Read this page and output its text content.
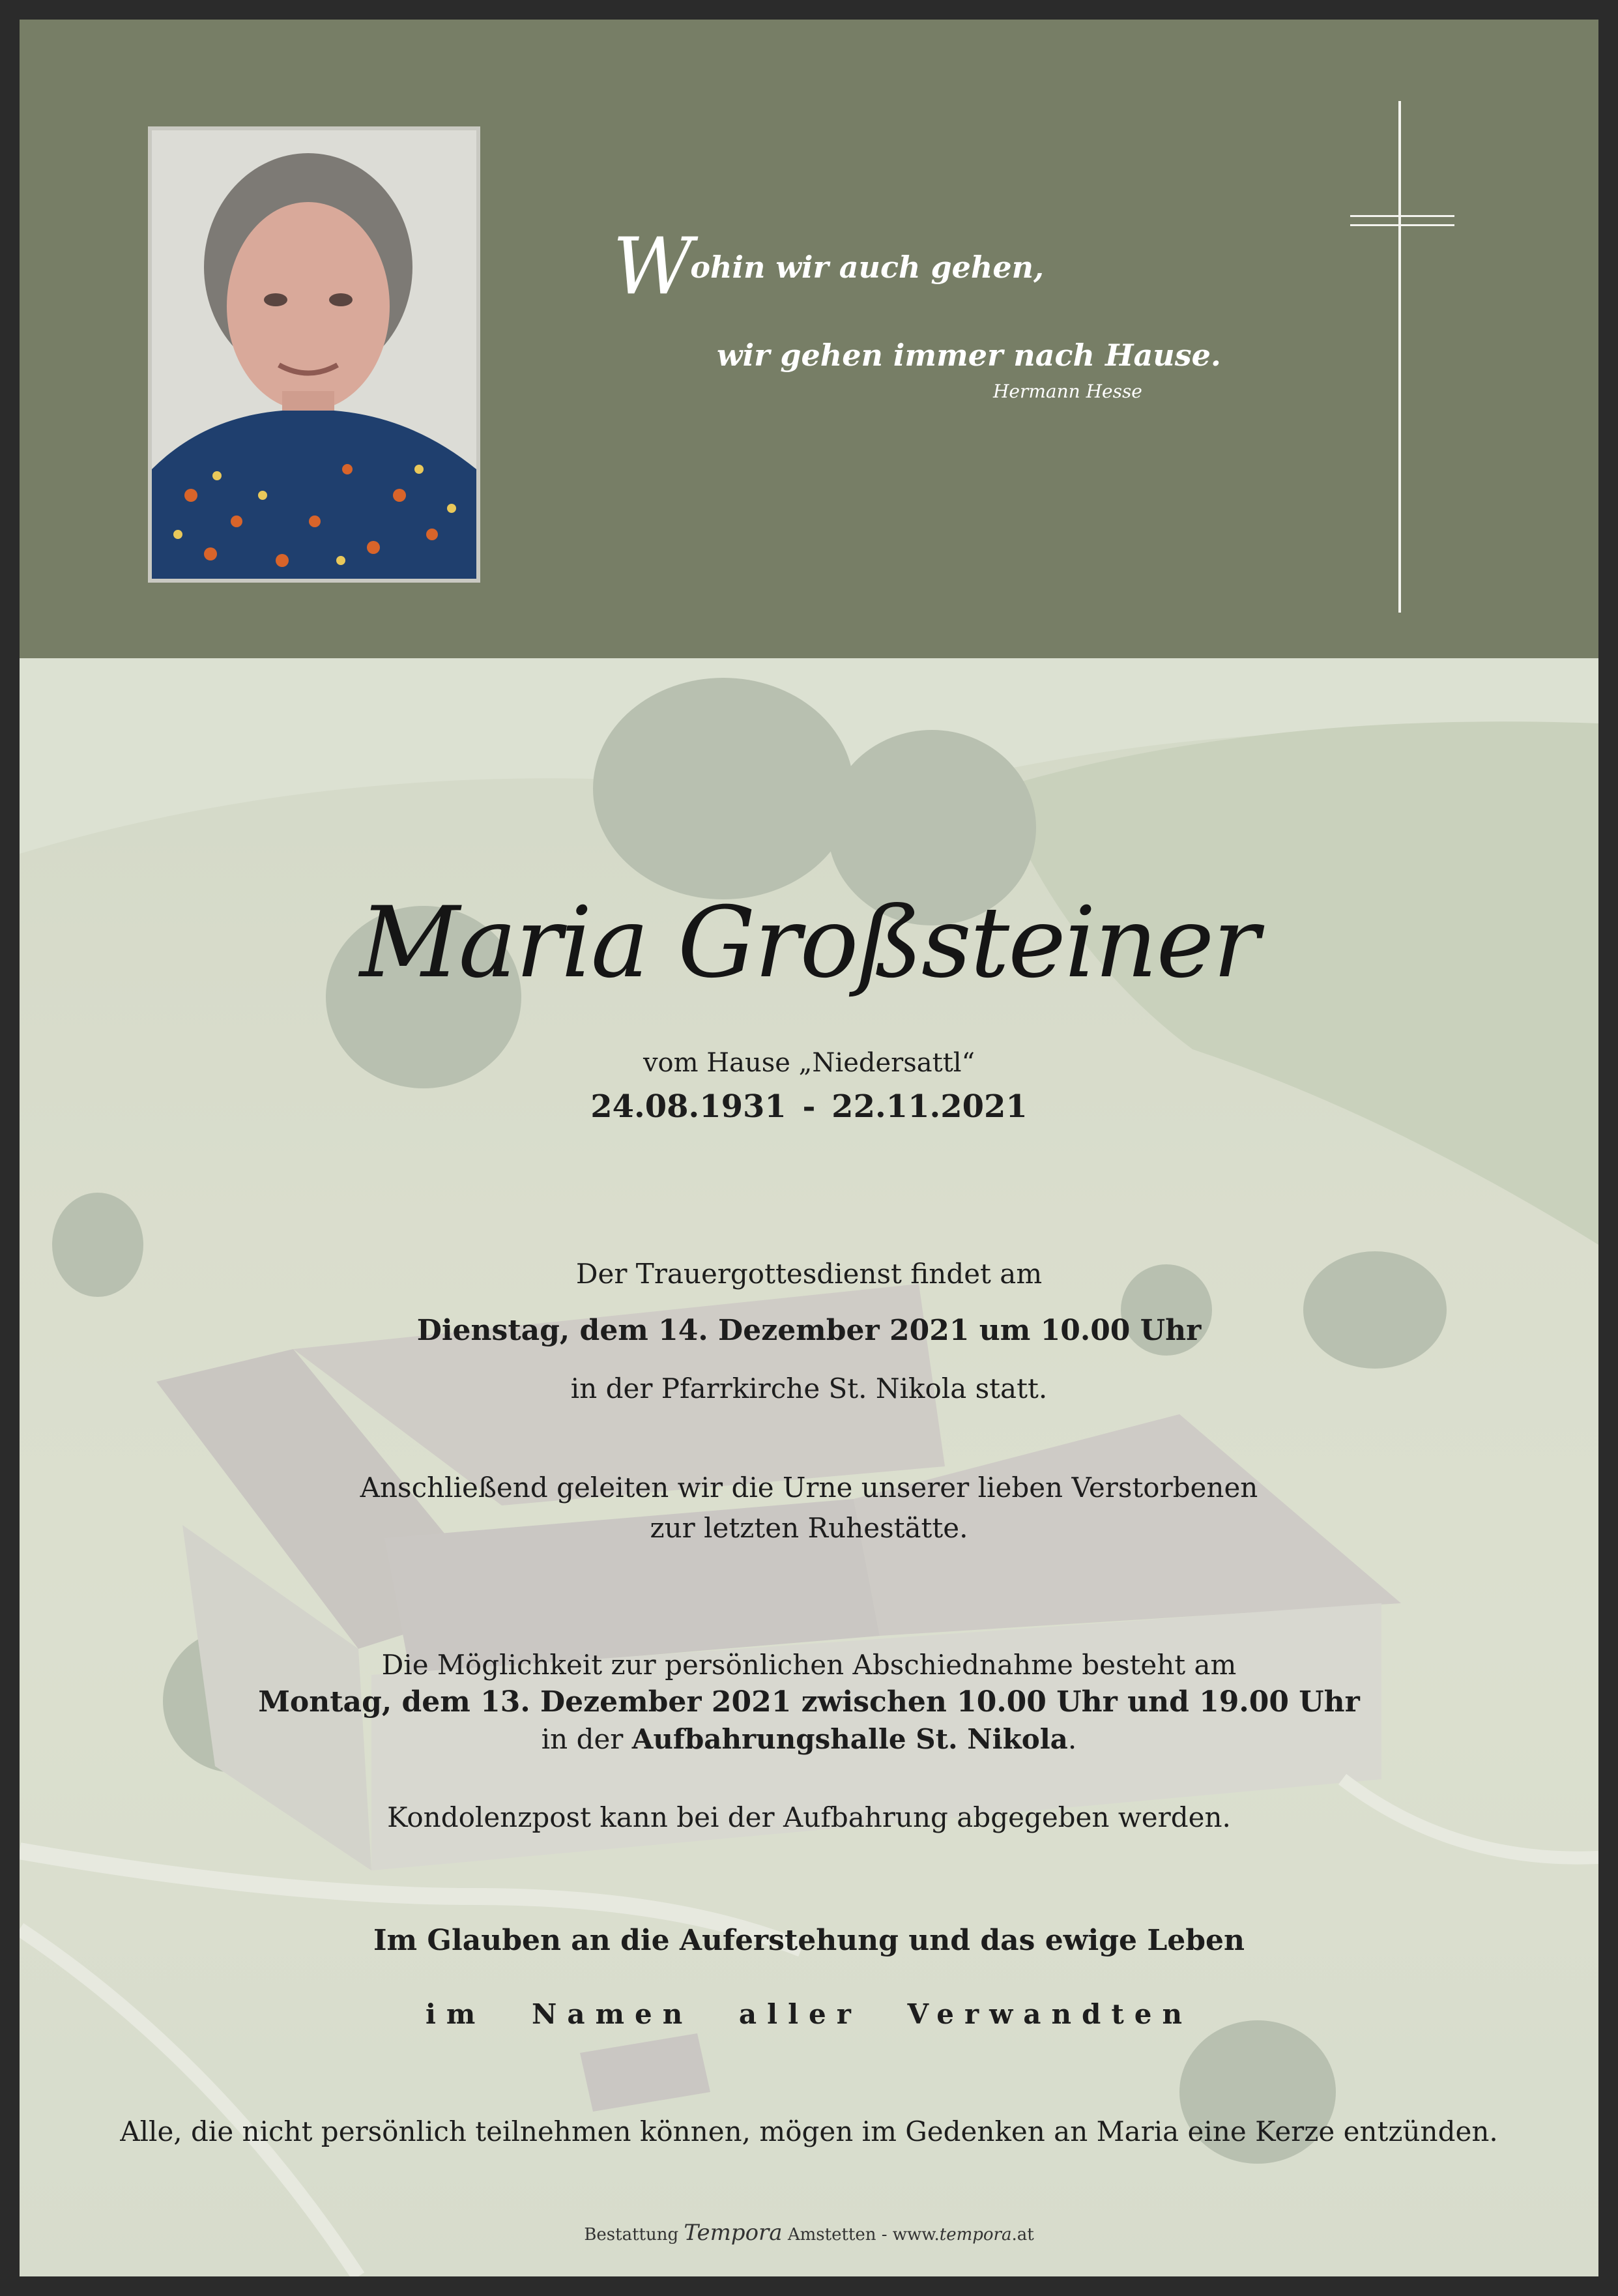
Wohin wir auch gehen,
wir gehen immer nach Hause.
Hermann Hesse
Maria Großsteiner
vom Hause „Niedersattl“
24.08.1931 - 22.11.2021
Der Trauergottesdienst findet am
Dienstag, dem 14. Dezember 2021 um 10.00 Uhr
in der Pfarrkirche St. Nikola statt.
Anschließend geleiten wir die Urne unserer lieben Verstorbenen
zur letzten Ruhestätte.
Die Möglichkeit zur persönlichen Abschiednahme besteht am
Montag, dem 13. Dezember 2021 zwischen 10.00 Uhr und 19.00 Uhr
in der Aufbahrungshalle St. Nikola.
Kondolenzpost kann bei der Aufbahrung abgegeben werden.
Im Glauben an die Auferstehung und das ewige Leben
im Namen aller Verwandten
Alle, die nicht persönlich teilnehmen können, mögen im Gedenken an Maria eine Kerze entzünden.
Bestattung Tempora Amstetten - www.tempora.at
